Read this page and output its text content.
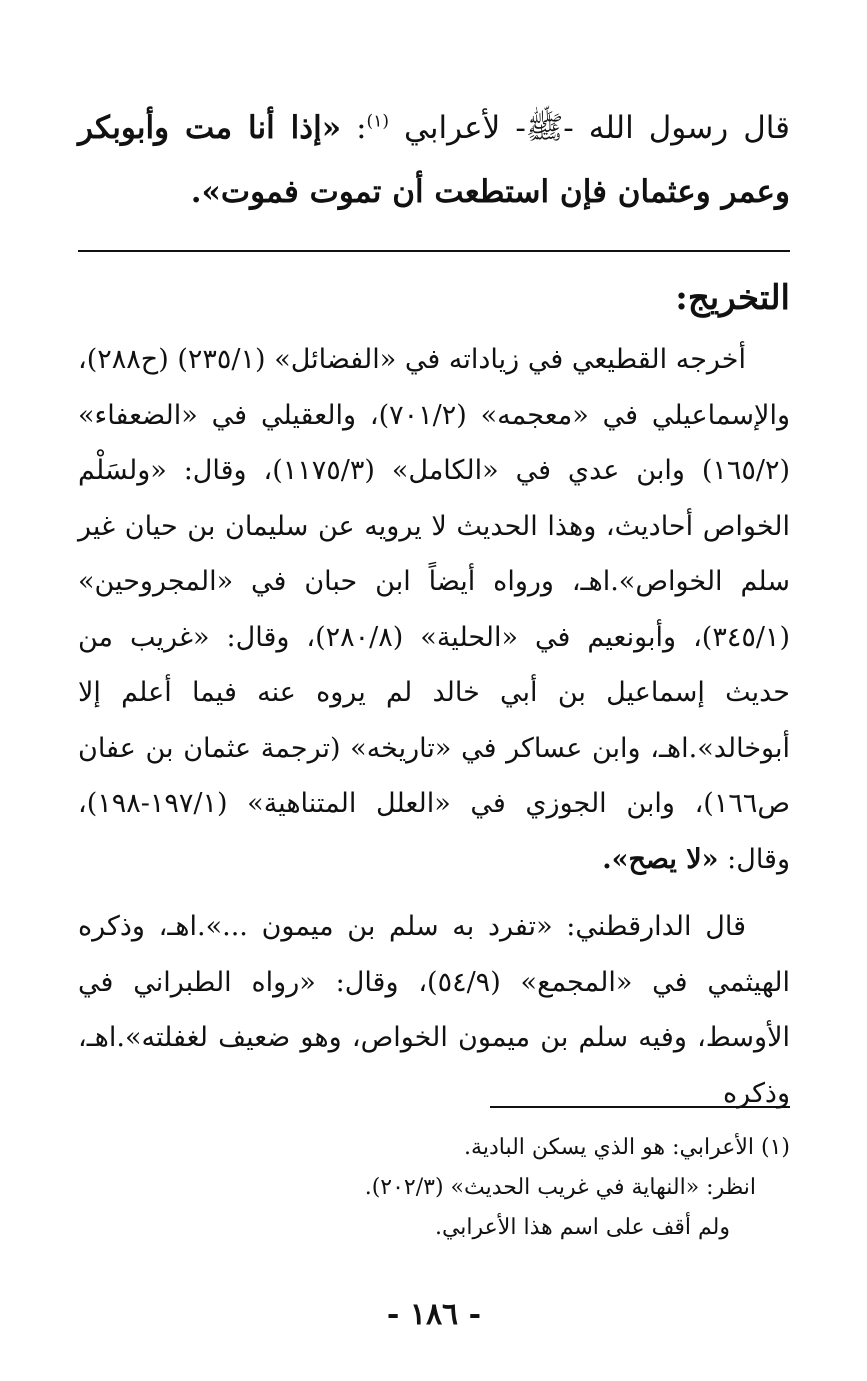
قال رسول الله -ﷺ- لأعرابي $^{(١)}$: «إذا أنا مت وأبوبكر وعمر وعثمان فإن استطعت أن تموت فموت».
التخريج:

أخرجه القطيعي في زياداته في «الفضائل» (٢٣٥/١) (ح٢٨٨)، والإسماعيلي في «معجمه» (٧٠١/٢)، والعقيلي في «الضعفاء» (١٦٥/٢) وابن عدي في «الكامل» (١١٧٥/٣)، وقال: «ولسَلْم الخواص أحاديث، وهذا الحديث لا يرويه عن سليمان بن حيان غير سلم الخواص».اهـ، ورواه أيضاً ابن حبان في «المجروحين» (٣٤٥/١)، وأبونعيم في «الحلية» (٢٨٠/٨)، وقال: «غريب من حديث إسماعيل بن أبي خالد لم يروه عنه فيما أعلم إلا أبوخالد».اهـ، وابن عساكر في «تاريخه» (ترجمة عثمان بن عفان ص١٦٦)، وابن الجوزي في «العلل المتناهية» (١٩٧/١-١٩٨)، وقال: «لا يصح».

قال الدارقطني: «تفرد به سلم بن ميمون ...».اهـ، وذكره الهيثمي في «المجمع» (٥٤/٩)، وقال: «رواه الطبراني في الأوسط، وفيه سلم بن ميمون الخواص، وهو ضعيف لغفلته».اهـ، وذكره

(١) الأعرابي: هو الذي يسكن البادية.
انظر: «النهاية في غريب الحديث» (٢٠٢/٣).
ولم أقف على اسم هذا الأعرابي.
- ١٨٦ -
